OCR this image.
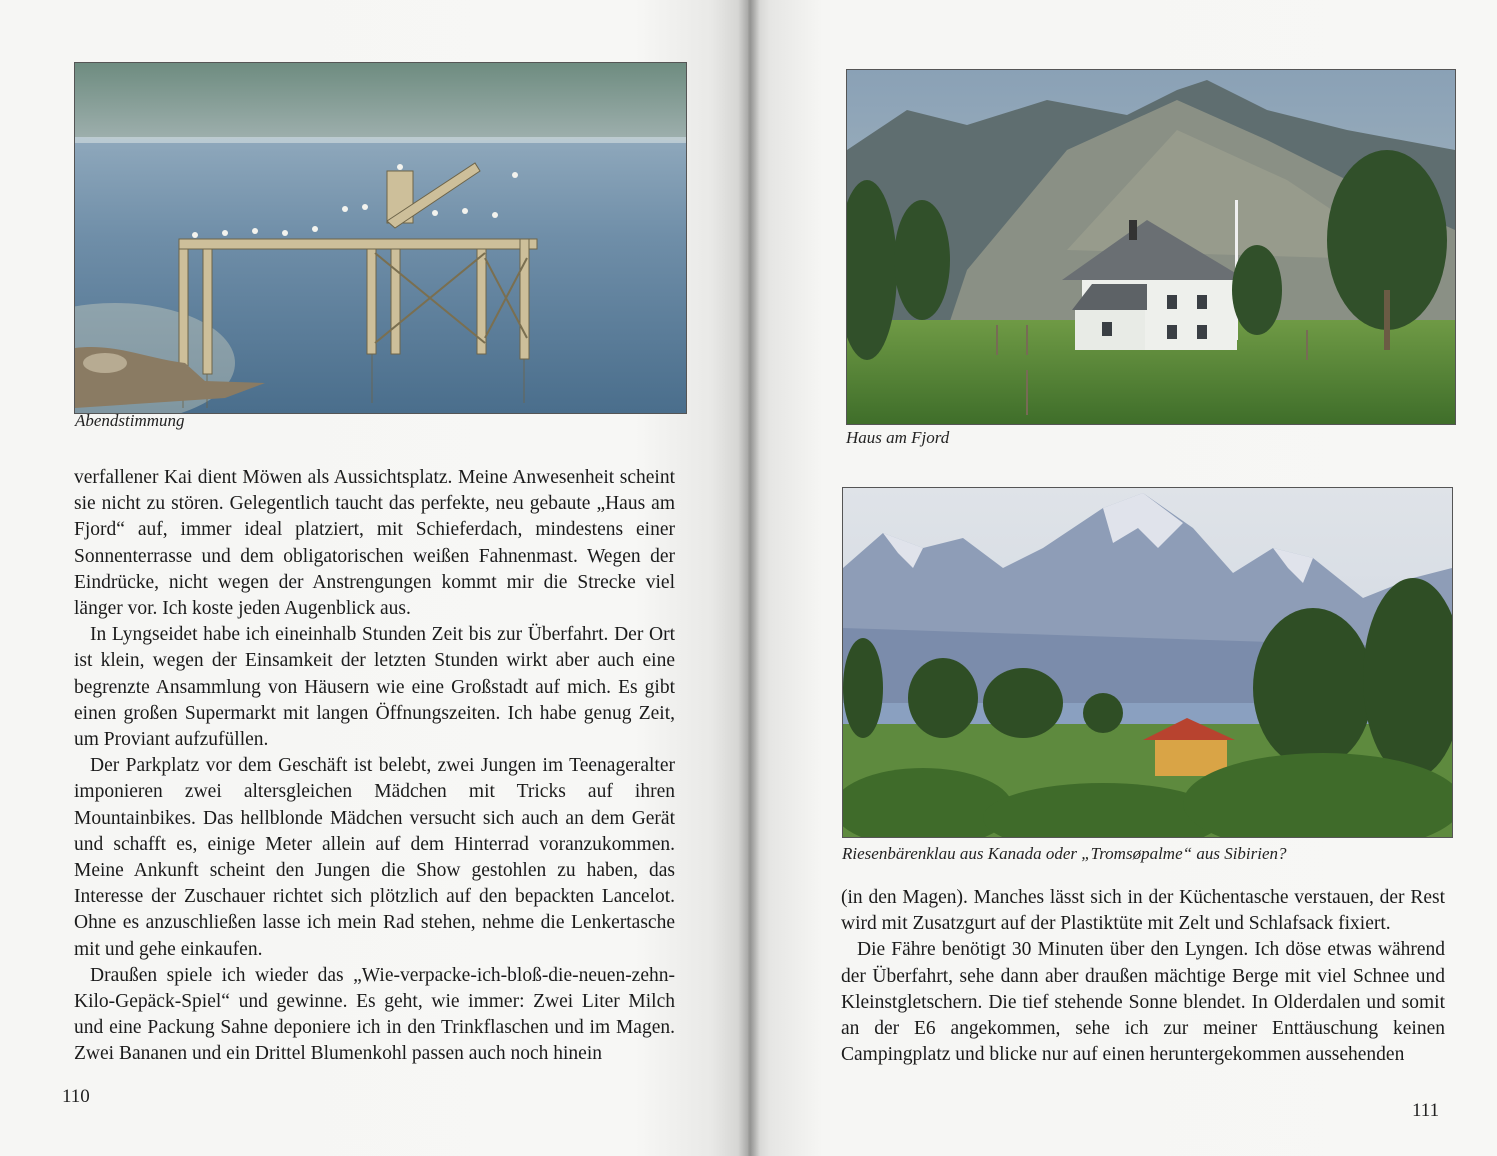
Abendstimmung

verfallener Kai dient Möwen als Aussichtsplatz. Meine Anwesenheit scheint sie nicht zu stören. Gelegentlich taucht das perfekte, neu gebaute „Haus am Fjord“ auf, immer ideal platziert, mit Schieferdach, mindestens einer Sonnenterrasse und dem obligatorischen weißen Fahnenmast. Wegen der Eindrücke, nicht wegen der Anstrengungen kommt mir die Strecke viel länger vor. Ich koste jeden Augenblick aus.

In Lyngseidet habe ich eineinhalb Stunden Zeit bis zur Überfahrt. Der Ort ist klein, wegen der Einsamkeit der letzten Stunden wirkt aber auch eine begrenzte Ansammlung von Häusern wie eine Großstadt auf mich. Es gibt einen großen Supermarkt mit langen Öffnungszeiten. Ich habe genug Zeit, um Proviant aufzufüllen.

Der Parkplatz vor dem Geschäft ist belebt, zwei Jungen im Teenageralter imponieren zwei altersgleichen Mädchen mit Tricks auf ihren Mountainbikes. Das hellblonde Mädchen versucht sich auch an dem Gerät und schafft es, einige Meter allein auf dem Hinterrad voranzukommen. Meine Ankunft scheint den Jungen die Show gestohlen zu haben, das Interesse der Zuschauer richtet sich plötzlich auf den bepackten Lancelot. Ohne es anzuschließen lasse ich mein Rad stehen, nehme die Lenkertasche mit und gehe einkaufen.

Draußen spiele ich wieder das „Wie-verpacke-ich-bloß-die-neuen-zehn-Kilo-Gepäck-Spiel“ und gewinne. Es geht, wie immer: Zwei Liter Milch und eine Packung Sahne deponiere ich in den Trinkflaschen und im Magen. Zwei Bananen und ein Drittel Blumenkohl passen auch noch hinein

110
Haus am Fjord
Riesenbärenklau aus Kanada oder „Tromsøpalme“ aus Sibirien?

(in den Magen). Manches lässt sich in der Küchentasche verstauen, der Rest wird mit Zusatzgurt auf der Plastiktüte mit Zelt und Schlafsack fixiert.

Die Fähre benötigt 30 Minuten über den Lyngen. Ich döse etwas während der Überfahrt, sehe dann aber draußen mächtige Berge mit viel Schnee und Kleinstgletschern. Die tief stehende Sonne blendet. In Olderdalen und somit an der E6 angekommen, sehe ich zur meiner Enttäuschung keinen Campingplatz und blicke nur auf einen heruntergekommen aussehenden

111
